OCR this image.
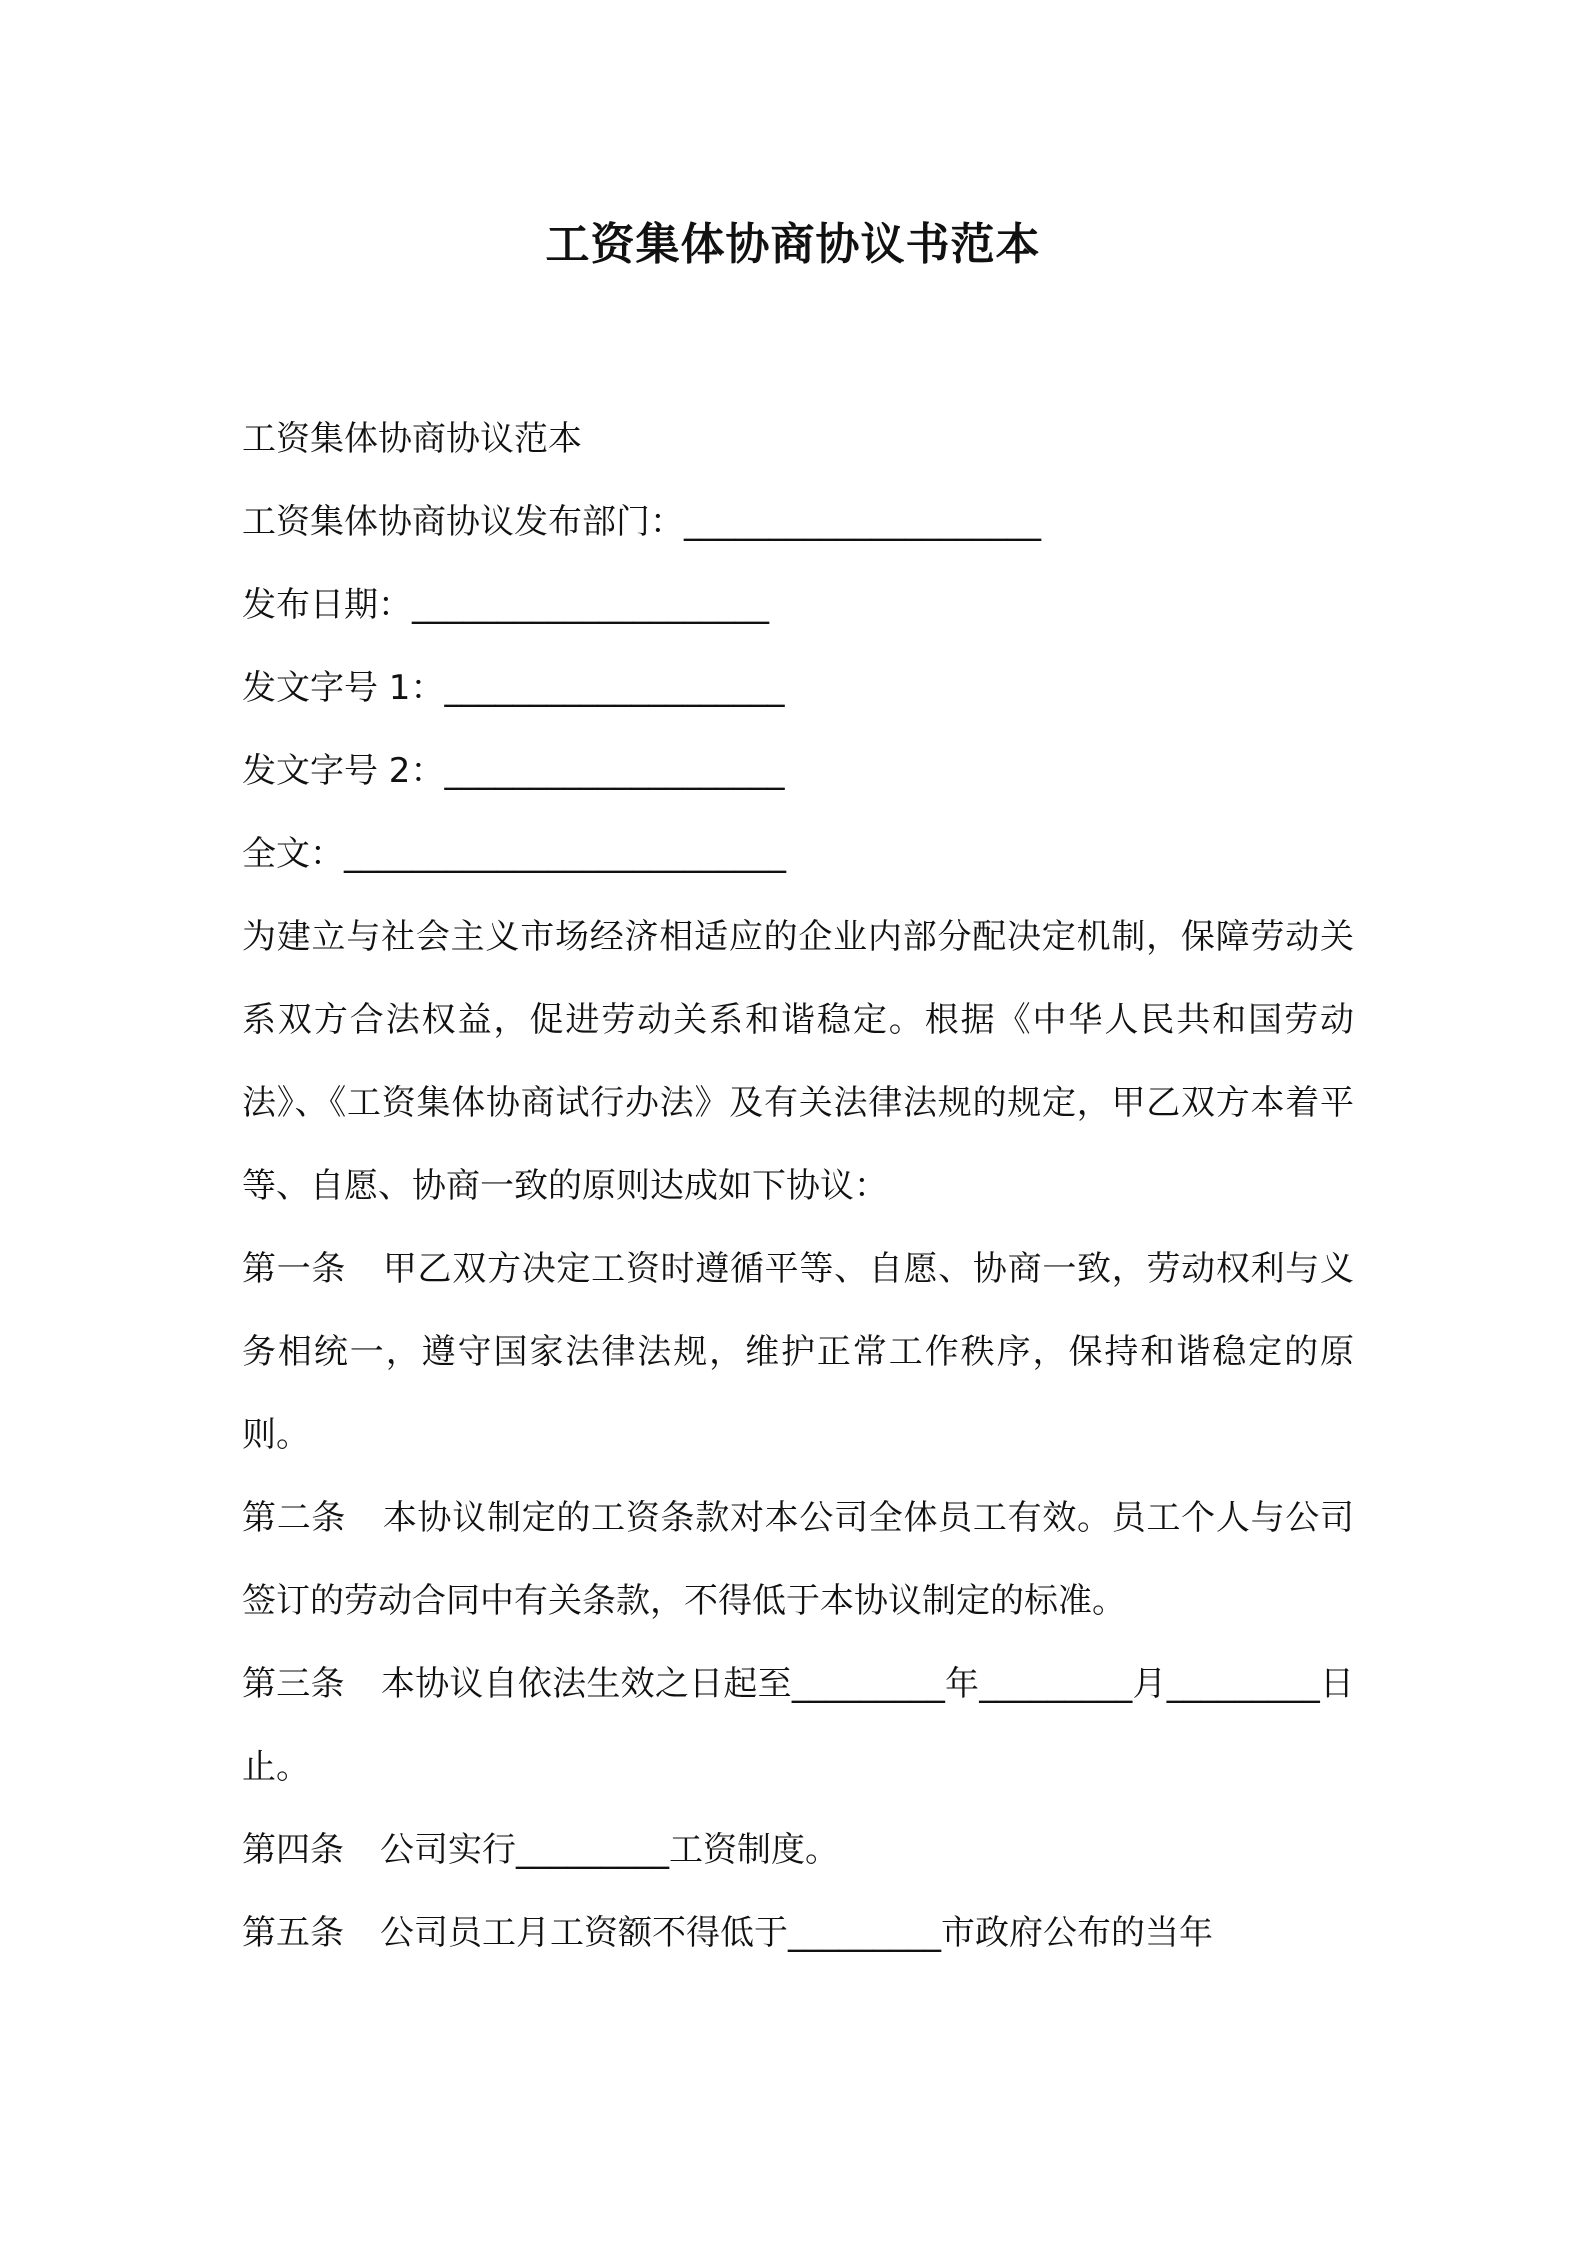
工资集体协商协议书范本
工资集体协商协议范本
工资集体协商协议发布部门：_____________________
发布日期：_____________________
发文字号 1：____________________
发文字号 2：____________________
全文：__________________________

为建立与社会主义市场经济相适应的企业内部分配决定机制，保障劳动关系双方合法权益，促进劳动关系和谐稳定。根据《中华人民共和国劳动法》、《工资集体协商试行办法》及有关法律法规的规定，甲乙双方本着平等、自愿、协商一致的原则达成如下协议：

第一条 甲乙双方决定工资时遵循平等、自愿、协商一致，劳动权利与义务相统一，遵守国家法律法规，维护正常工作秩序，保持和谐稳定的原则。

第二条 本协议制定的工资条款对本公司全体员工有效。员工个人与公司签订的劳动合同中有关条款，不得低于本协议制定的标准。

第三条 本协议自依法生效之日起至_________年_________月_________日止。

第四条 公司实行_________工资制度。

第五条 公司员工月工资额不得低于_________市政府公布的当年
